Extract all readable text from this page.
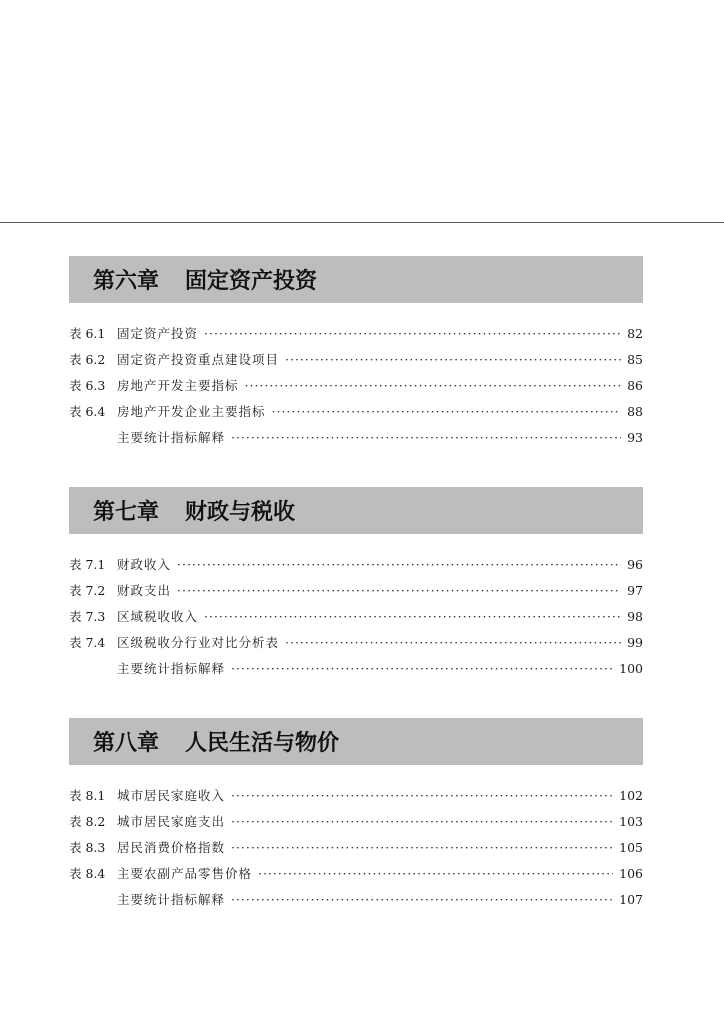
第六章 固定资产投资
表 6.1 固定资产投资 ·····	82
表 6.2 固定资产投资重点建设项目 ·····	85
表 6.3 房地产开发主要指标 ·····	86
表 6.4 房地产开发企业主要指标 ·····	88
主要统计指标解释 ·····	93
第七章 财政与税收
表 7.1 财政收入 ·····	96
表 7.2 财政支出 ·····	97
表 7.3 区域税收收入 ·····	98
表 7.4 区级税收分行业对比分析表 ·····	99
主要统计指标解释 ·····	100
第八章 人民生活与物价
表 8.1 城市居民家庭收入 ·····	102
表 8.2 城市居民家庭支出 ·····	103
表 8.3 居民消费价格指数 ·····	105
表 8.4 主要农副产品零售价格 ·····	106
主要统计指标解释 ·····	107
